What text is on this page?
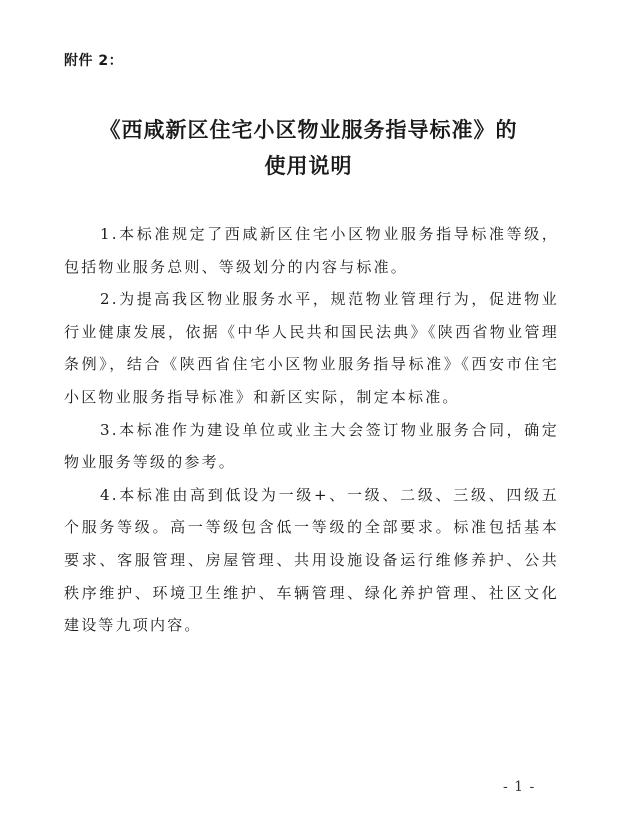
附件 2：
《西咸新区住宅小区物业服务指导标准》的
使用说明

1.本标准规定了西咸新区住宅小区物业服务指导标准等级，包括物业服务总则、等级划分的内容与标准。

2.为提高我区物业服务水平，规范物业管理行为，促进物业行业健康发展，依据《中华人民共和国民法典》《陕西省物业管理条例》，结合《陕西省住宅小区物业服务指导标准》《西安市住宅小区物业服务指导标准》和新区实际，制定本标准。

3.本标准作为建设单位或业主大会签订物业服务合同，确定物业服务等级的参考。

4.本标准由高到低设为一级+、一级、二级、三级、四级五个服务等级。高一等级包含低一等级的全部要求。标准包括基本要求、客服管理、房屋管理、共用设施设备运行维修养护、公共秩序维护、环境卫生维护、车辆管理、绿化养护管理、社区文化建设等九项内容。

- 1 -
